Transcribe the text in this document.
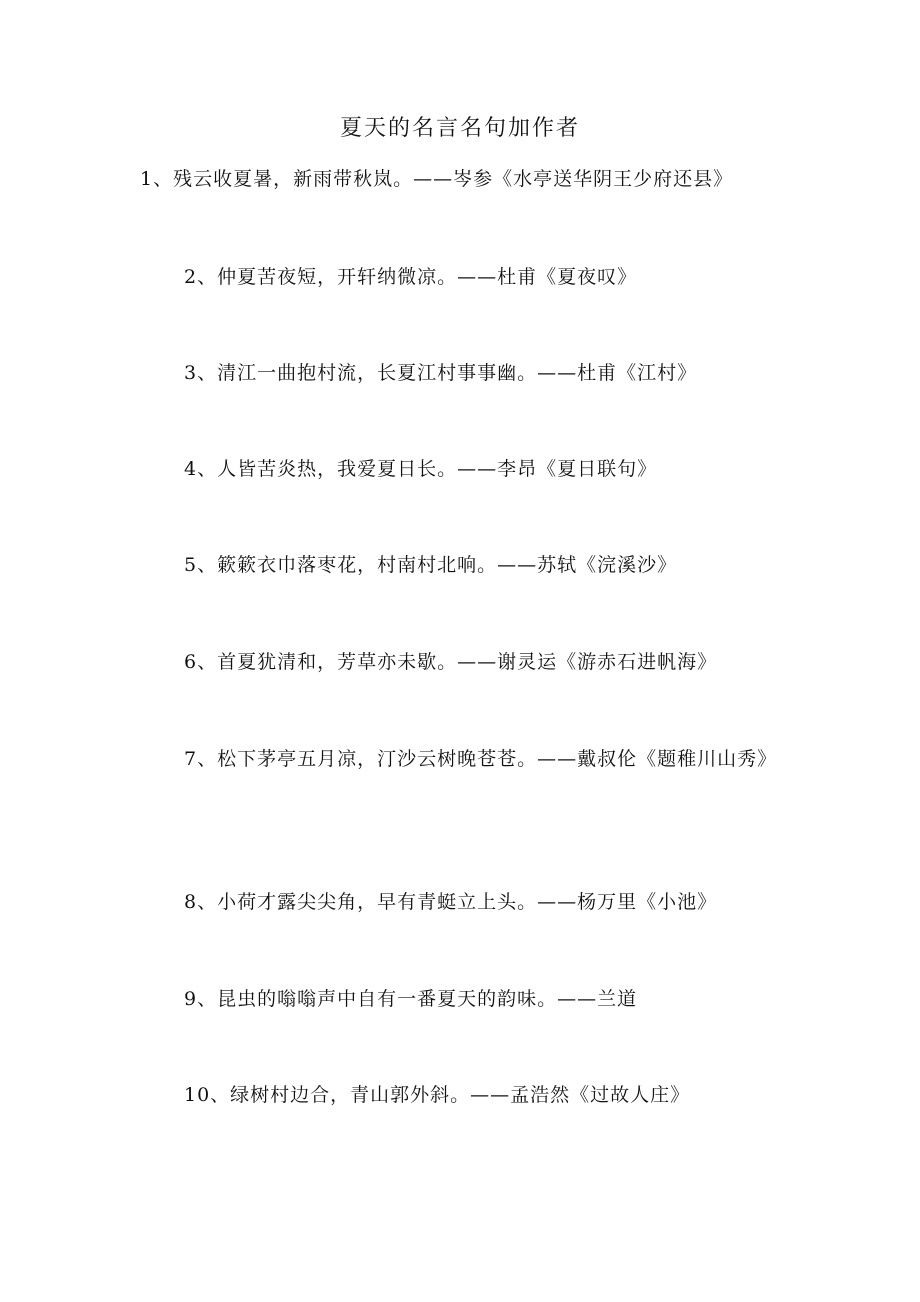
夏天的名言名句加作者

1、残云收夏暑，新雨带秋岚。——岑参《水亭送华阴王少府还县》

2、仲夏苦夜短，开轩纳微凉。——杜甫《夏夜叹》

3、清江一曲抱村流，长夏江村事事幽。——杜甫《江村》

4、人皆苦炎热，我爱夏日长。——李昂《夏日联句》

5、簌簌衣巾落枣花，村南村北响。——苏轼《浣溪沙》

6、首夏犹清和，芳草亦未歇。——谢灵运《游赤石进帆海》

7、松下茅亭五月凉，汀沙云树晚苍苍。——戴叔伦《题稚川山秀》

8、小荷才露尖尖角，早有青蜓立上头。——杨万里《小池》

9、昆虫的嗡嗡声中自有一番夏天的韵味。——兰道

10、绿树村边合，青山郭外斜。——孟浩然《过故人庄》
